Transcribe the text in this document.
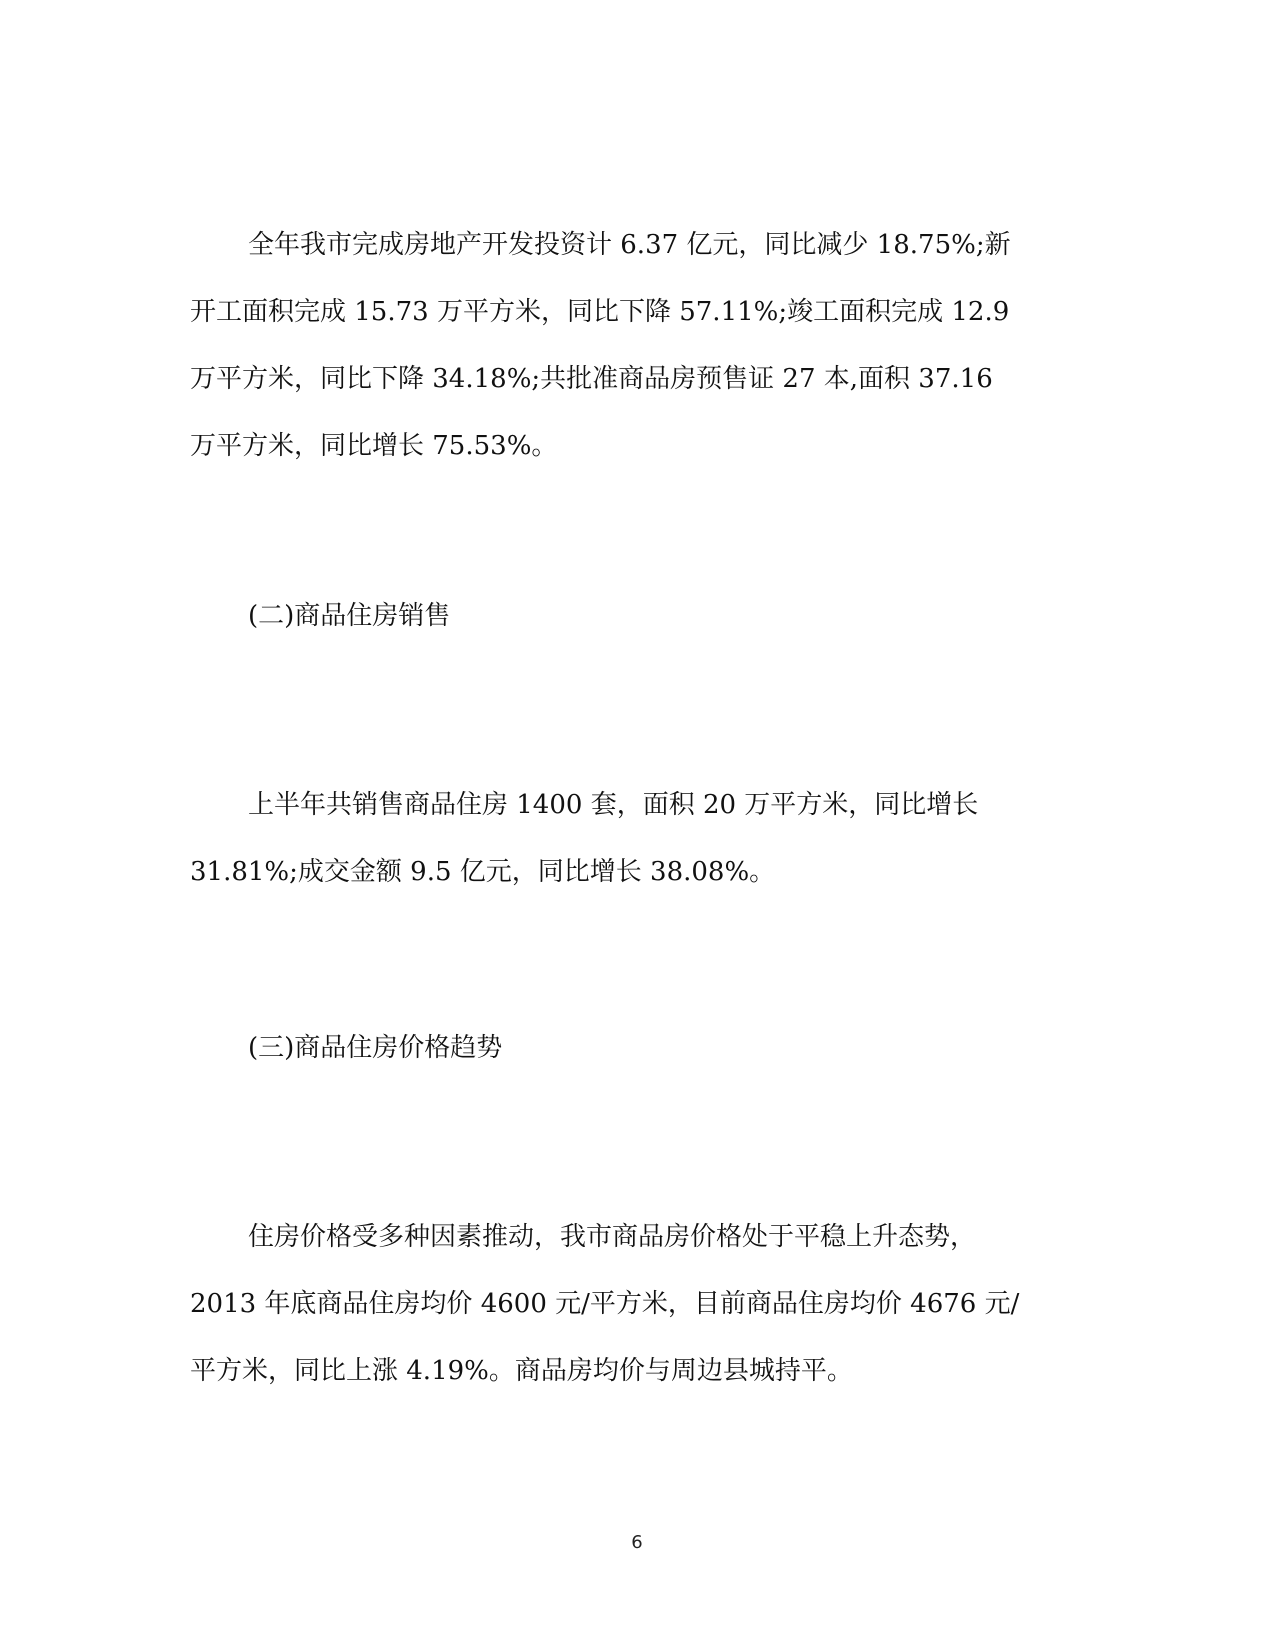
全年我市完成房地产开发投资计 6.37 亿元，同比减少 18.75%;新
开工面积完成 15.73 万平方米，同比下降 57.11%;竣工面积完成 12.9
万平方米，同比下降 34.18%;共批准商品房预售证 27 本,面积 37.16
万平方米，同比增长 75.53%。

(二)商品住房销售

上半年共销售商品住房 1400 套，面积 20 万平方米，同比增长
31.81%;成交金额 9.5 亿元，同比增长 38.08%。

(三)商品住房价格趋势

住房价格受多种因素推动，我市商品房价格处于平稳上升态势，
2013 年底商品住房均价 4600 元/平方米，目前商品住房均价 4676 元/
平方米，同比上涨 4.19%。商品房均价与周边县城持平。
6
